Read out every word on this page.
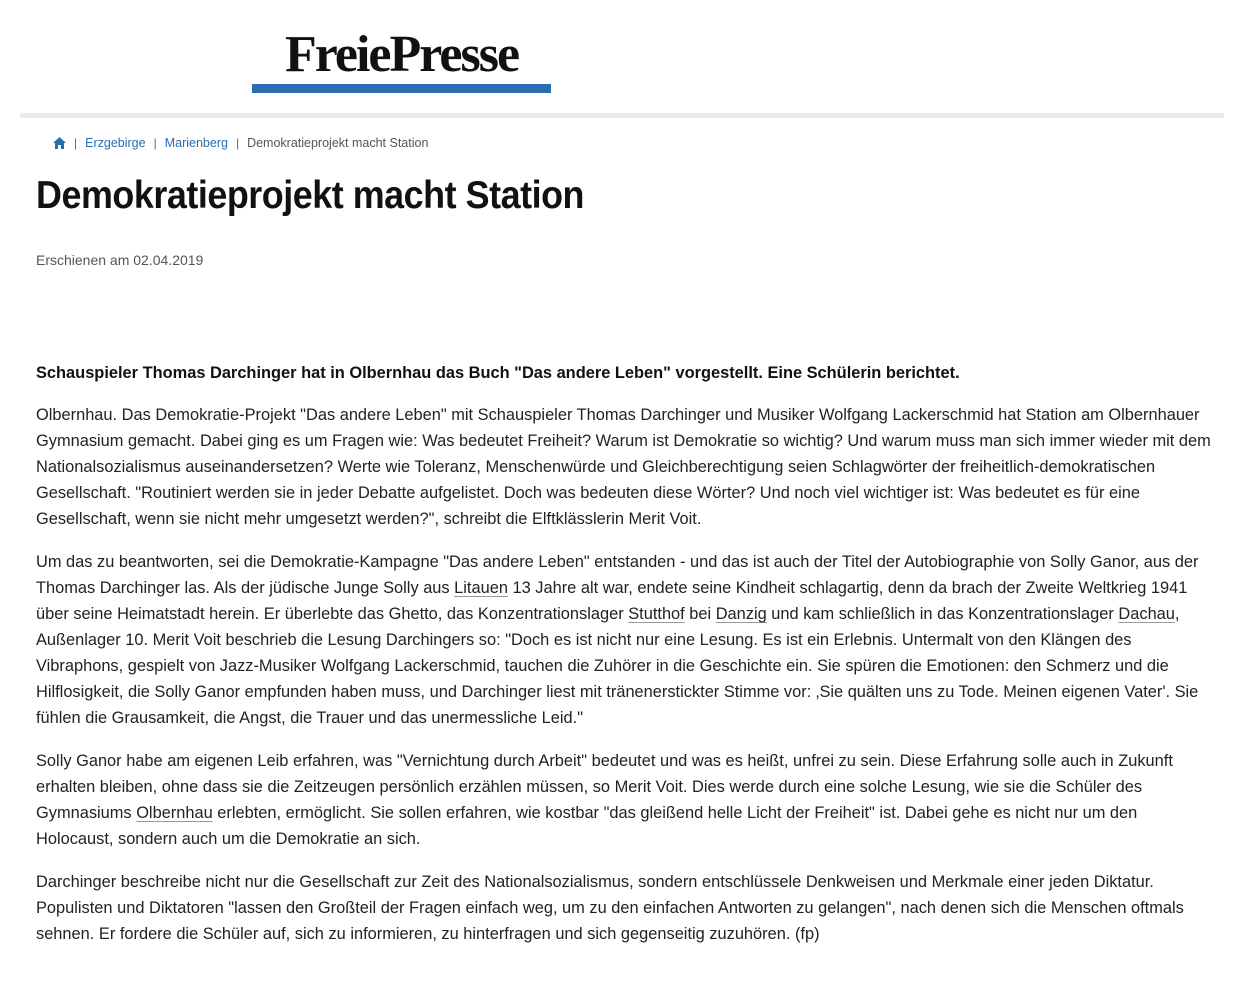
FreiePresse
| Erzgebirge | Marienberg | Demokratieprojekt macht Station
Demokratieprojekt macht Station
Erschienen am 02.04.2019

Schauspieler Thomas Darchinger hat in Olbernhau das Buch "Das andere Leben" vorgestellt. Eine Schülerin berichtet.

Olbernhau. Das Demokratie-Projekt "Das andere Leben" mit Schauspieler Thomas Darchinger und Musiker Wolfgang Lackerschmid hat Station am Olbernhauer Gymnasium gemacht. Dabei ging es um Fragen wie: Was bedeutet Freiheit? Warum ist Demokratie so wichtig? Und warum muss man sich immer wieder mit dem Nationalsozialismus auseinandersetzen? Werte wie Toleranz, Menschenwürde und Gleichberechtigung seien Schlagwörter der freiheitlich-demokratischen Gesellschaft. "Routiniert werden sie in jeder Debatte aufgelistet. Doch was bedeuten diese Wörter? Und noch viel wichtiger ist: Was bedeutet es für eine Gesellschaft, wenn sie nicht mehr umgesetzt werden?", schreibt die Elftklässlerin Merit Voit.

Um das zu beantworten, sei die Demokratie-Kampagne "Das andere Leben" entstanden - und das ist auch der Titel der Autobiographie von Solly Ganor, aus der Thomas Darchinger las. Als der jüdische Junge Solly aus Litauen 13 Jahre alt war, endete seine Kindheit schlagartig, denn da brach der Zweite Weltkrieg 1941 über seine Heimatstadt herein. Er überlebte das Ghetto, das Konzentrationslager Stutthof bei Danzig und kam schließlich in das Konzentrationslager Dachau, Außenlager 10. Merit Voit beschrieb die Lesung Darchingers so: "Doch es ist nicht nur eine Lesung. Es ist ein Erlebnis. Untermalt von den Klängen des Vibraphons, gespielt von Jazz-Musiker Wolfgang Lackerschmid, tauchen die Zuhörer in die Geschichte ein. Sie spüren die Emotionen: den Schmerz und die Hilflosigkeit, die Solly Ganor empfunden haben muss, und Darchinger liest mit tränenerstickter Stimme vor: ‚Sie quälten uns zu Tode. Meinen eigenen Vater'. Sie fühlen die Grausamkeit, die Angst, die Trauer und das unermessliche Leid."

Solly Ganor habe am eigenen Leib erfahren, was "Vernichtung durch Arbeit" bedeutet und was es heißt, unfrei zu sein. Diese Erfahrung solle auch in Zukunft erhalten bleiben, ohne dass sie die Zeitzeugen persönlich erzählen müssen, so Merit Voit. Dies werde durch eine solche Lesung, wie sie die Schüler des Gymnasiums Olbernhau erlebten, ermöglicht. Sie sollen erfahren, wie kostbar "das gleißend helle Licht der Freiheit" ist. Dabei gehe es nicht nur um den Holocaust, sondern auch um die Demokratie an sich.

Darchinger beschreibe nicht nur die Gesellschaft zur Zeit des Nationalsozialismus, sondern entschlüssele Denkweisen und Merkmale einer jeden Diktatur. Populisten und Diktatoren "lassen den Großteil der Fragen einfach weg, um zu den einfachen Antworten zu gelangen", nach denen sich die Menschen oftmals sehnen. Er fordere die Schüler auf, sich zu informieren, zu hinterfragen und sich gegenseitig zuzuhören. (fp)
